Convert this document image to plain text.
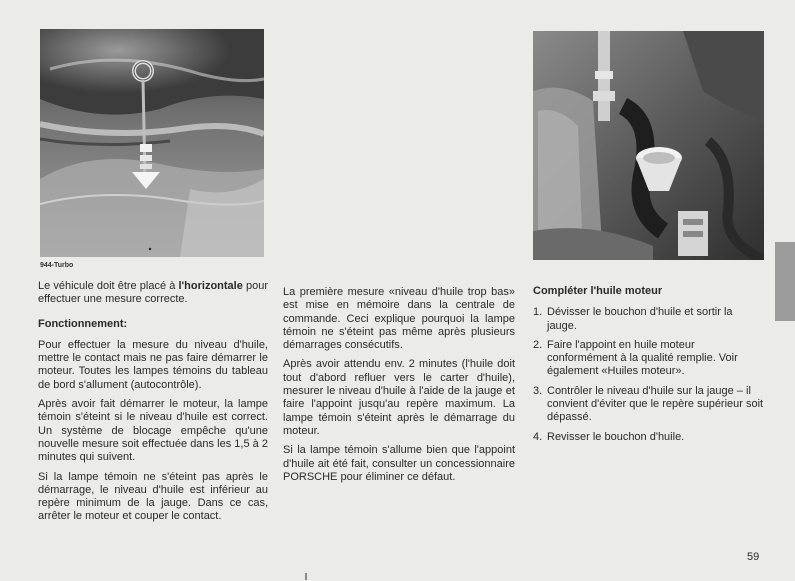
944-Turbo

Le véhicule doit être placé à l'horizontale pour effectuer une mesure correcte.

Fonctionnement:

Pour effectuer la mesure du niveau d'huile, mettre le contact mais ne pas faire démarrer le moteur. Toutes les lampes témoins du tableau de bord s'allument (autocontrôle).

Après avoir fait démarrer le moteur, la lampe témoin s'éteint si le niveau d'huile est correct. Un système de blocage empêche qu'une nouvelle mesure soit effectuée dans les 1,5 à 2 minutes qui suivent.

Si la lampe témoin ne s'éteint pas après le démarrage, le niveau d'huile est inférieur au repère minimum de la jauge. Dans ce cas, arrêter le moteur et couper le contact.

La première mesure «niveau d'huile trop bas» est mise en mémoire dans la centrale de commande. Ceci explique pourquoi la lampe témoin ne s'éteint pas même après plusieurs démarrages consécutifs.

Après avoir attendu env. 2 minutes (l'huile doit tout d'abord refluer vers le carter d'huile), mesurer le niveau d'huile à l'aide de la jauge et faire l'appoint jusqu'au repère maximum. La lampe témoin s'éteint après le démarrage du moteur.

Si la lampe témoin s'allume bien que l'appoint d'huile ait été fait, consulter un concessionnaire PORSCHE pour éliminer ce défaut.

Compléter l'huile moteur

1. Dévisser le bouchon d'huile et sortir la jauge.
2. Faire l'appoint en huile moteur conformément à la qualité remplie. Voir également «Huiles moteur».
3. Contrôler le niveau d'huile sur la jauge – il convient d'éviter que le repère supérieur soit dépassé.
4. Revisser le bouchon d'huile.
59
